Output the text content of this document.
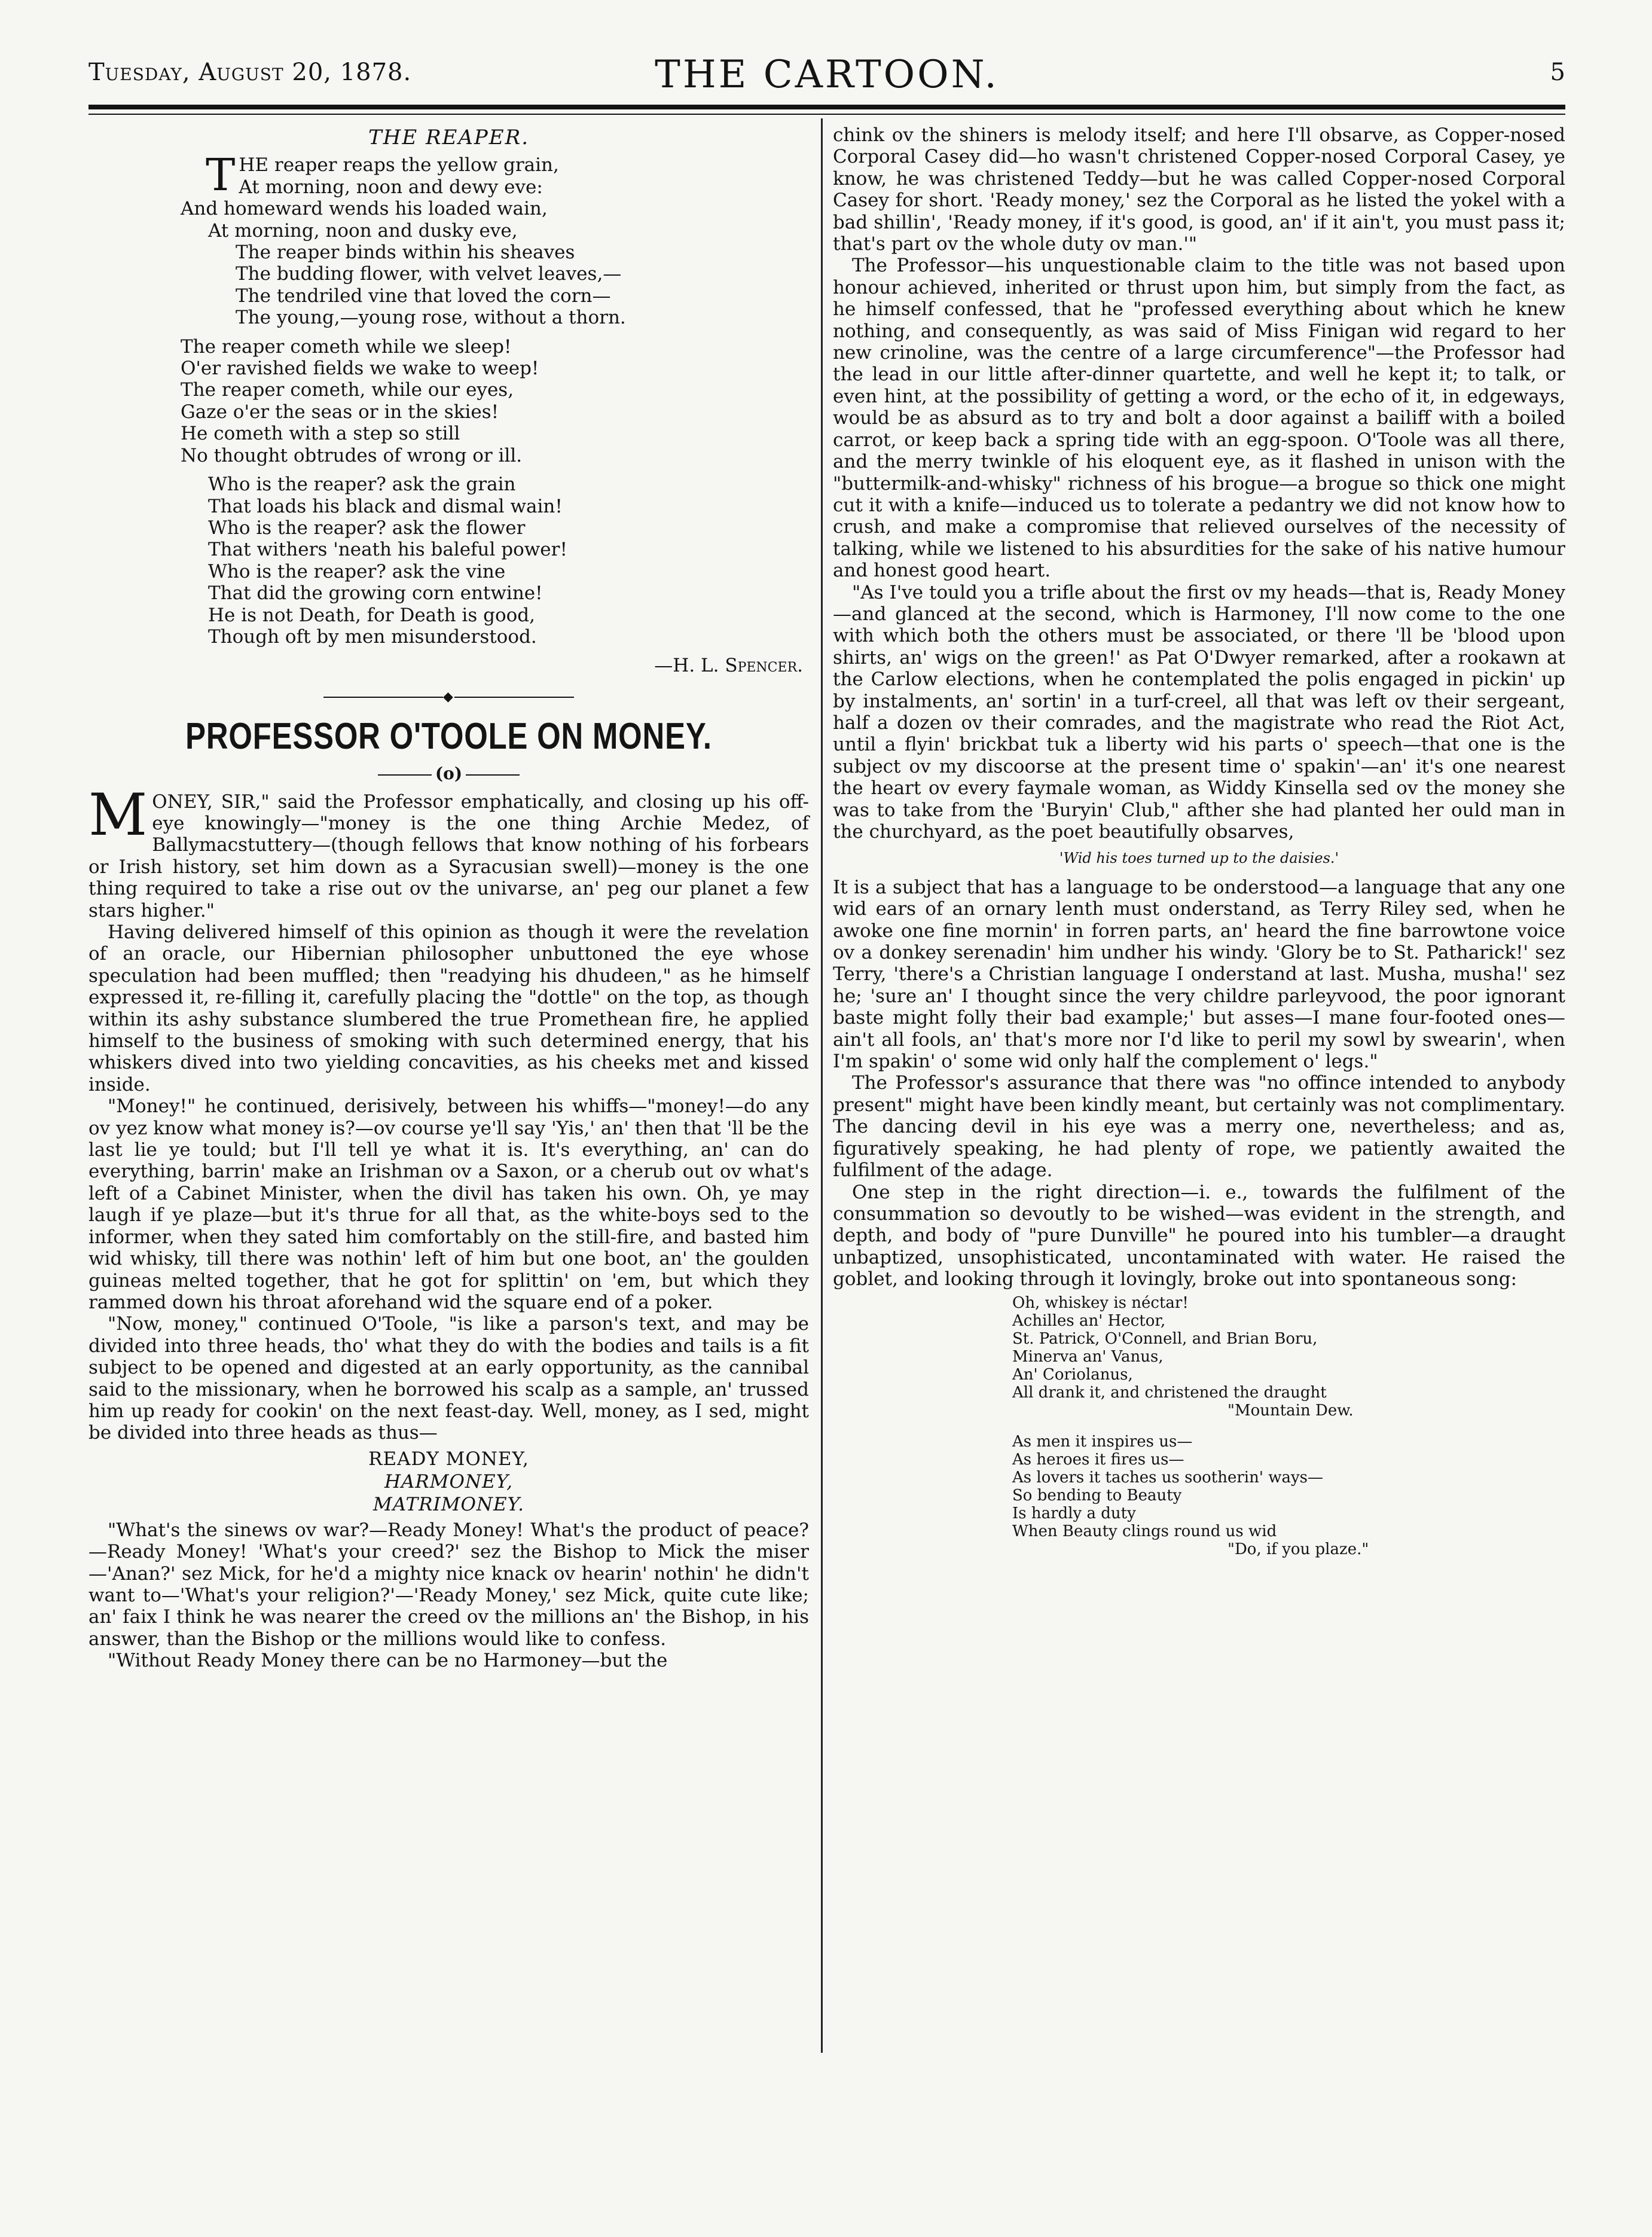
Tuesday, August 20, 1878.	THE CARTOON.	5
THE REAPER.
T HE reaper reaps the yellow grain,
At morning, noon and dewy eve:
And homeward wends his loaded wain,
At morning, noon and dusky eve,
The reaper binds within his sheaves
The budding flower, with velvet leaves,—
The tendriled vine that loved the corn—
The young,—young rose, without a thorn.
The reaper cometh while we sleep!
O'er ravished fields we wake to weep!
The reaper cometh, while our eyes,
Gaze o'er the seas or in the skies!
He cometh with a step so still
No thought obtrudes of wrong or ill.
Who is the reaper? ask the grain
That loads his black and dismal wain!
Who is the reaper? ask the flower
That withers 'neath his baleful power!
Who is the reaper? ask the vine
That did the growing corn entwine!
He is not Death, for Death is good,
Though oft by men misunderstood.
—H. L. Spencer.
◆
PROFESSOR O'TOOLE ON MONEY.
(o)

MONEY, SIR," said the Professor emphatically, and closing up his off-eye knowingly—"money is the one thing Archie Medez, of Ballymacstuttery—(though fellows that know nothing of his forbears or Irish history, set him down as a Syracusian swell)—money is the one thing required to take a rise out ov the univarse, an' peg our planet a few stars higher."

Having delivered himself of this opinion as though it were the revelation of an oracle, our Hibernian philosopher unbuttoned the eye whose speculation had been muffled; then "readying his dhudeen," as he himself expressed it, re-filling it, carefully placing the "dottle" on the top, as though within its ashy substance slumbered the true Promethean fire, he applied himself to the business of smoking with such determined energy, that his whiskers dived into two yielding concavities, as his cheeks met and kissed inside.

"Money!" he continued, derisively, between his whiffs—"money!—do any ov yez know what money is?—ov course ye'll say 'Yis,' an' then that 'll be the last lie ye tould; but I'll tell ye what it is. It's everything, an' can do everything, barrin' make an Irishman ov a Saxon, or a cherub out ov what's left of a Cabinet Minister, when the divil has taken his own. Oh, ye may laugh if ye plaze—but it's thrue for all that, as the white-boys sed to the informer, when they sated him comfortably on the still-fire, and basted him wid whisky, till there was nothin' left of him but one boot, an' the goulden guineas melted together, that he got for splittin' on 'em, but which they rammed down his throat aforehand wid the square end of a poker.

"Now, money," continued O'Toole, "is like a parson's text, and may be divided into three heads, tho' what they do with the bodies and tails is a fit subject to be opened and digested at an early opportunity, as the cannibal said to the missionary, when he borrowed his scalp as a sample, an' trussed him up ready for cookin' on the next feast-day. Well, money, as I sed, might be divided into three heads as thus—

READY MONEY,
HARMONEY,
MATRIMONEY.

"What's the sinews ov war?—Ready Money! What's the product of peace?—Ready Money! 'What's your creed?' sez the Bishop to Mick the miser—'Anan?' sez Mick, for he'd a mighty nice knack ov hearin' nothin' he didn't want to—'What's your religion?'—'Ready Money,' sez Mick, quite cute like; an' faix I think he was nearer the creed ov the millions an' the Bishop, in his answer, than the Bishop or the millions would like to confess.

"Without Ready Money there can be no Harmoney—but the

chink ov the shiners is melody itself; and here I'll obsarve, as Copper-nosed Corporal Casey did—ho wasn't christened Copper-nosed Corporal Casey, ye know, he was christened Teddy—but he was called Copper-nosed Corporal Casey for short. 'Ready money,' sez the Corporal as he listed the yokel with a bad shillin', 'Ready money, if it's good, is good, an' if it ain't, you must pass it; that's part ov the whole duty ov man.'"

The Professor—his unquestionable claim to the title was not based upon honour achieved, inherited or thrust upon him, but simply from the fact, as he himself confessed, that he "professed everything about which he knew nothing, and consequently, as was said of Miss Finigan wid regard to her new crinoline, was the centre of a large circumference"—the Professor had the lead in our little after-dinner quartette, and well he kept it; to talk, or even hint, at the possibility of getting a word, or the echo of it, in edgeways, would be as absurd as to try and bolt a door against a bailiff with a boiled carrot, or keep back a spring tide with an egg-spoon. O'Toole was all there, and the merry twinkle of his eloquent eye, as it flashed in unison with the "buttermilk-and-whisky" richness of his brogue—a brogue so thick one might cut it with a knife—induced us to tolerate a pedantry we did not know how to crush, and make a compromise that relieved ourselves of the necessity of talking, while we listened to his absurdities for the sake of his native humour and honest good heart.

"As I've tould you a trifle about the first ov my heads—that is, Ready Money—and glanced at the second, which is Harmoney, I'll now come to the one with which both the others must be associated, or there 'll be 'blood upon shirts, an' wigs on the green!' as Pat O'Dwyer remarked, after a rookawn at the Carlow elections, when he contemplated the polis engaged in pickin' up by instalments, an' sortin' in a turf-creel, all that was left ov their sergeant, half a dozen ov their comrades, and the magistrate who read the Riot Act, until a flyin' brickbat tuk a liberty wid his parts o' speech—that one is the subject ov my discoorse at the present time o' spakin'—an' it's one nearest the heart ov every faymale woman, as Widdy Kinsella sed ov the money she was to take from the 'Buryin' Club," afther she had planted her ould man in the churchyard, as the poet beautifully obsarves,

'Wid his toes turned up to the daisies.'

It is a subject that has a language to be onderstood—a language that any one wid ears of an ornary lenth must onderstand, as Terry Riley sed, when he awoke one fine mornin' in forren parts, an' heard the fine barrowtone voice ov a donkey serenadin' him undher his windy. 'Glory be to St. Patharick!' sez Terry, 'there's a Christian language I onderstand at last. Musha, musha!' sez he; 'sure an' I thought since the very childre parleyvood, the poor ignorant baste might folly their bad example;' but asses—I mane four-footed ones—ain't all fools, an' that's more nor I'd like to peril my sowl by swearin', when I'm spakin' o' some wid only half the complement o' legs."

The Professor's assurance that there was "no offince intended to anybody present" might have been kindly meant, but certainly was not complimentary. The dancing devil in his eye was a merry one, nevertheless; and as, figuratively speaking, he had plenty of rope, we patiently awaited the fulfilment of the adage.

One step in the right direction—i. e., towards the fulfilment of the consummation so devoutly to be wished—was evident in the strength, and depth, and body of "pure Dunville" he poured into his tumbler—a draught unbaptized, unsophisticated, uncontaminated with water. He raised the goblet, and looking through it lovingly, broke out into spontaneous song:

Oh, whiskey is néctar!
Achilles an' Hector,
St. Patrick, O'Connell, and Brian Boru,
Minerva an' Vanus,
An' Coriolanus,
All drank it, and christened the draught
"Mountain Dew.
As men it inspires us—
As heroes it fires us—
As lovers it taches us sootherin' ways—
So bending to Beauty
Is hardly a duty
When Beauty clings round us wid
"Do, if you plaze."
